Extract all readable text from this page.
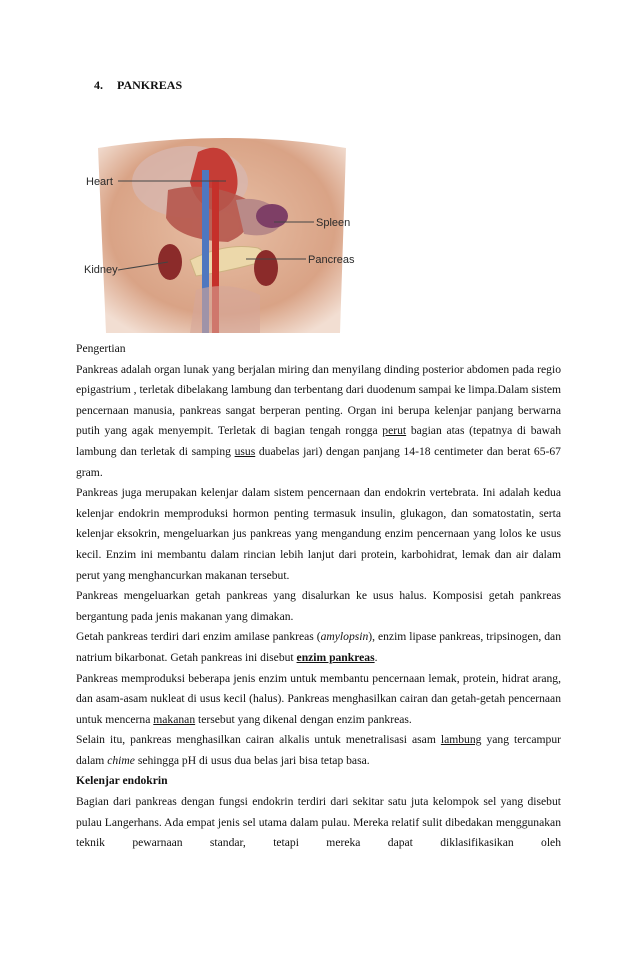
4. PANKREAS
Heart
Spleen
Kidney
Pancreas

Pengertian

Pankreas adalah organ lunak yang berjalan miring dan menyilang dinding posterior abdomen pada regio epigastrium , terletak dibelakang lambung dan terbentang dari duodenum sampai ke limpa.Dalam sistem pencernaan manusia, pankreas sangat berperan penting. Organ ini berupa kelenjar panjang berwarna putih yang agak menyempit. Terletak di bagian tengah rongga perut bagian atas (tepatnya di bawah lambung dan terletak di samping usus duabelas jari) dengan panjang 14-18 centimeter dan berat 65-67 gram.

Pankreas juga merupakan kelenjar dalam sistem pencernaan dan endokrin vertebrata. Ini adalah kedua kelenjar endokrin memproduksi hormon penting termasuk insulin, glukagon, dan somatostatin, serta kelenjar eksokrin, mengeluarkan jus pankreas yang mengandung enzim pencernaan yang lolos ke usus kecil. Enzim ini membantu dalam rincian lebih lanjut dari protein, karbohidrat, lemak dan air dalam perut yang menghancurkan makanan tersebut.

Pankreas mengeluarkan getah pankreas yang disalurkan ke usus halus. Komposisi getah pankreas bergantung pada jenis makanan yang dimakan.

Getah pankreas terdiri dari enzim amilase pankreas (amylopsin), enzim lipase pankreas, tripsinogen, dan natrium bikarbonat. Getah pankreas ini disebut enzim pankreas.

Pankreas memproduksi beberapa jenis enzim untuk membantu pencernaan lemak, protein, hidrat arang, dan asam-asam nukleat di usus kecil (halus). Pankreas menghasilkan cairan dan getah-getah pencernaan untuk mencerna makanan tersebut yang dikenal dengan enzim pankreas.

Selain itu, pankreas menghasilkan cairan alkalis untuk menetralisasi asam lambung yang tercampur dalam chime sehingga pH di usus dua belas jari bisa tetap basa.

Kelenjar endokrin

Bagian dari pankreas dengan fungsi endokrin terdiri dari sekitar satu juta kelompok sel yang disebut pulau Langerhans. Ada empat jenis sel utama dalam pulau. Mereka relatif sulit dibedakan menggunakan teknik pewarnaan standar, tetapi mereka dapat diklasifikasikan oleh
